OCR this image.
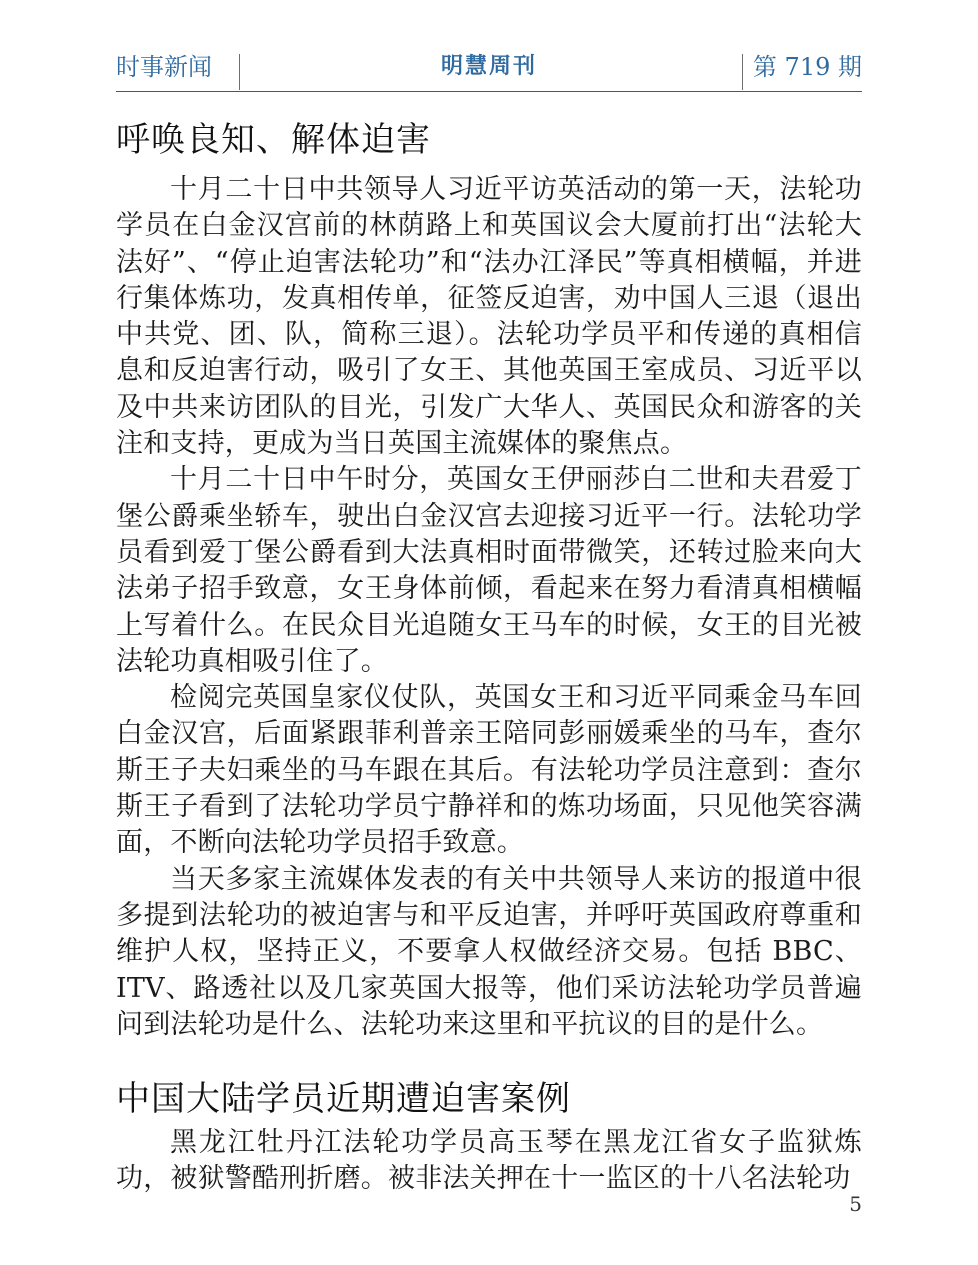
时事新闻	明慧周刊	第 719 期
呼唤良知、解体迫害

十月二十日中共领导人习近平访英活动的第一天，法轮功学员在白金汉宫前的林荫路上和英国议会大厦前打出“法轮大法好”、“停止迫害法轮功”和“法办江泽民”等真相横幅，并进行集体炼功，发真相传单，征签反迫害，劝中国人三退（退出中共党、团、队，简称三退）。法轮功学员平和传递的真相信息和反迫害行动，吸引了女王、其他英国王室成员、习近平以及中共来访团队的目光，引发广大华人、英国民众和游客的关注和支持，更成为当日英国主流媒体的聚焦点。

十月二十日中午时分，英国女王伊丽莎白二世和夫君爱丁堡公爵乘坐轿车，驶出白金汉宫去迎接习近平一行。法轮功学员看到爱丁堡公爵看到大法真相时面带微笑，还转过脸来向大法弟子招手致意，女王身体前倾，看起来在努力看清真相横幅上写着什么。在民众目光追随女王马车的时候，女王的目光被法轮功真相吸引住了。

检阅完英国皇家仪仗队，英国女王和习近平同乘金马车回白金汉宫，后面紧跟菲利普亲王陪同彭丽媛乘坐的马车，查尔斯王子夫妇乘坐的马车跟在其后。有法轮功学员注意到：查尔斯王子看到了法轮功学员宁静祥和的炼功场面，只见他笑容满面，不断向法轮功学员招手致意。

当天多家主流媒体发表的有关中共领导人来访的报道中很多提到法轮功的被迫害与和平反迫害，并呼吁英国政府尊重和维护人权，坚持正义，不要拿人权做经济交易。包括 BBC、ITV、路透社以及几家英国大报等，他们采访法轮功学员普遍问到法轮功是什么、法轮功来这里和平抗议的目的是什么。

中国大陆学员近期遭迫害案例

黑龙江牡丹江法轮功学员高玉琴在黑龙江省女子监狱炼功，被狱警酷刑折磨。被非法关押在十一监区的十八名法轮功

5
